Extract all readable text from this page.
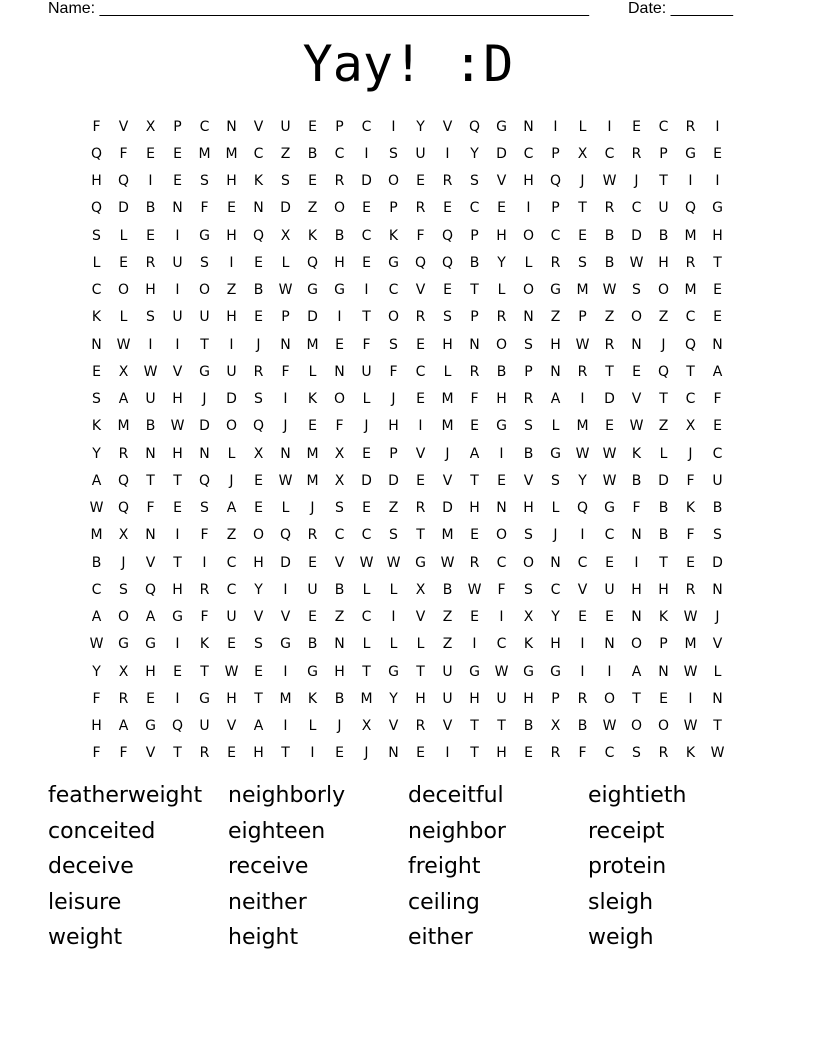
Name: _______________________________________________________ Date: _______
Yay! :D
F	V	X	P	C	N	V	U	E	P	C	I	Y	V	Q	G	N	I	L	I	E	C	R	I
Q	F	E	E	M	M	C	Z	B	C	I	S	U	I	Y	D	C	P	X	C	R	P	G	E
H	Q	I	E	S	H	K	S	E	R	D	O	E	R	S	V	H	Q	J	W	J	T	I	I
Q	D	B	N	F	E	N	D	Z	O	E	P	R	E	C	E	I	P	T	R	C	U	Q	G
S	L	E	I	G	H	Q	X	K	B	C	K	F	Q	P	H	O	C	E	B	D	B	M	H
L	E	R	U	S	I	E	L	Q	H	E	G	Q	Q	B	Y	L	R	S	B	W	H	R	T
C	O	H	I	O	Z	B	W	G	G	I	C	V	E	T	L	O	G	M	W	S	O	M	E
K	L	S	U	U	H	E	P	D	I	T	O	R	S	P	R	N	Z	P	Z	O	Z	C	E
N	W	I	I	T	I	J	N	M	E	F	S	E	H	N	O	S	H	W	R	N	J	Q	N
E	X	W	V	G	U	R	F	L	N	U	F	C	L	R	B	P	N	R	T	E	Q	T	A
S	A	U	H	J	D	S	I	K	O	L	J	E	M	F	H	R	A	I	D	V	T	C	F
K	M	B	W	D	O	Q	J	E	F	J	H	I	M	E	G	S	L	M	E	W	Z	X	E
Y	R	N	H	N	L	X	N	M	X	E	P	V	J	A	I	B	G	W W	K	L	J	C
A	Q	T	T	Q	J	E	W	M	X	D	D	E	V	T	E	V	S	Y	W	B	D	F	U
W	Q	F	E	S	A	E	L	J	S	E	Z	R	D	H	N	H	L	Q	G	F	B	K	B
M	X	N	I	F	Z	O	Q	R	C	C	S	T	M	E	O	S	J	I	C	N	B	F	S
B	J	V	T	I	C	H	D	E	V	W W	G	W	R	C	O	N	C	E	I	T	E	D
C	S	Q	H	R	C	Y	I	U	B	L	L	X	B	W	F	S	C	V	U	H	H	R	N
A	O	A	G	F	U	V	V	E	Z	C	I	V	Z	E	I	X	Y	E	E	N	K	W	J
W	G	G	I	K	E	S	G	B	N	L	L	L	Z	I	C	K	H	I	N	O	P	M	V
Y	X	H	E	T	W	E	I	G	H	T	G	T	U	G	W	G	G	I	I	A	N	W	L
F	R	E	I	G	H	T	M	K	B	M	Y	H	U	H	U	H	P	R	O	T	E	I	N
H	A	G	Q	U	V	A	I	L	J	X	V	R	V	T	T	B	X	B	W	O	O	W	T
F	F	V	T	R	E	H	T	I	E	J	N	E	I	T	H	E	R	F	C	S	R	K	W
featherweight	neighborly	deceitful	eightieth
conceited	eighteen	neighbor	receipt
deceive	receive	freight	protein
leisure	neither	ceiling	sleigh
weight	height	either	weigh
